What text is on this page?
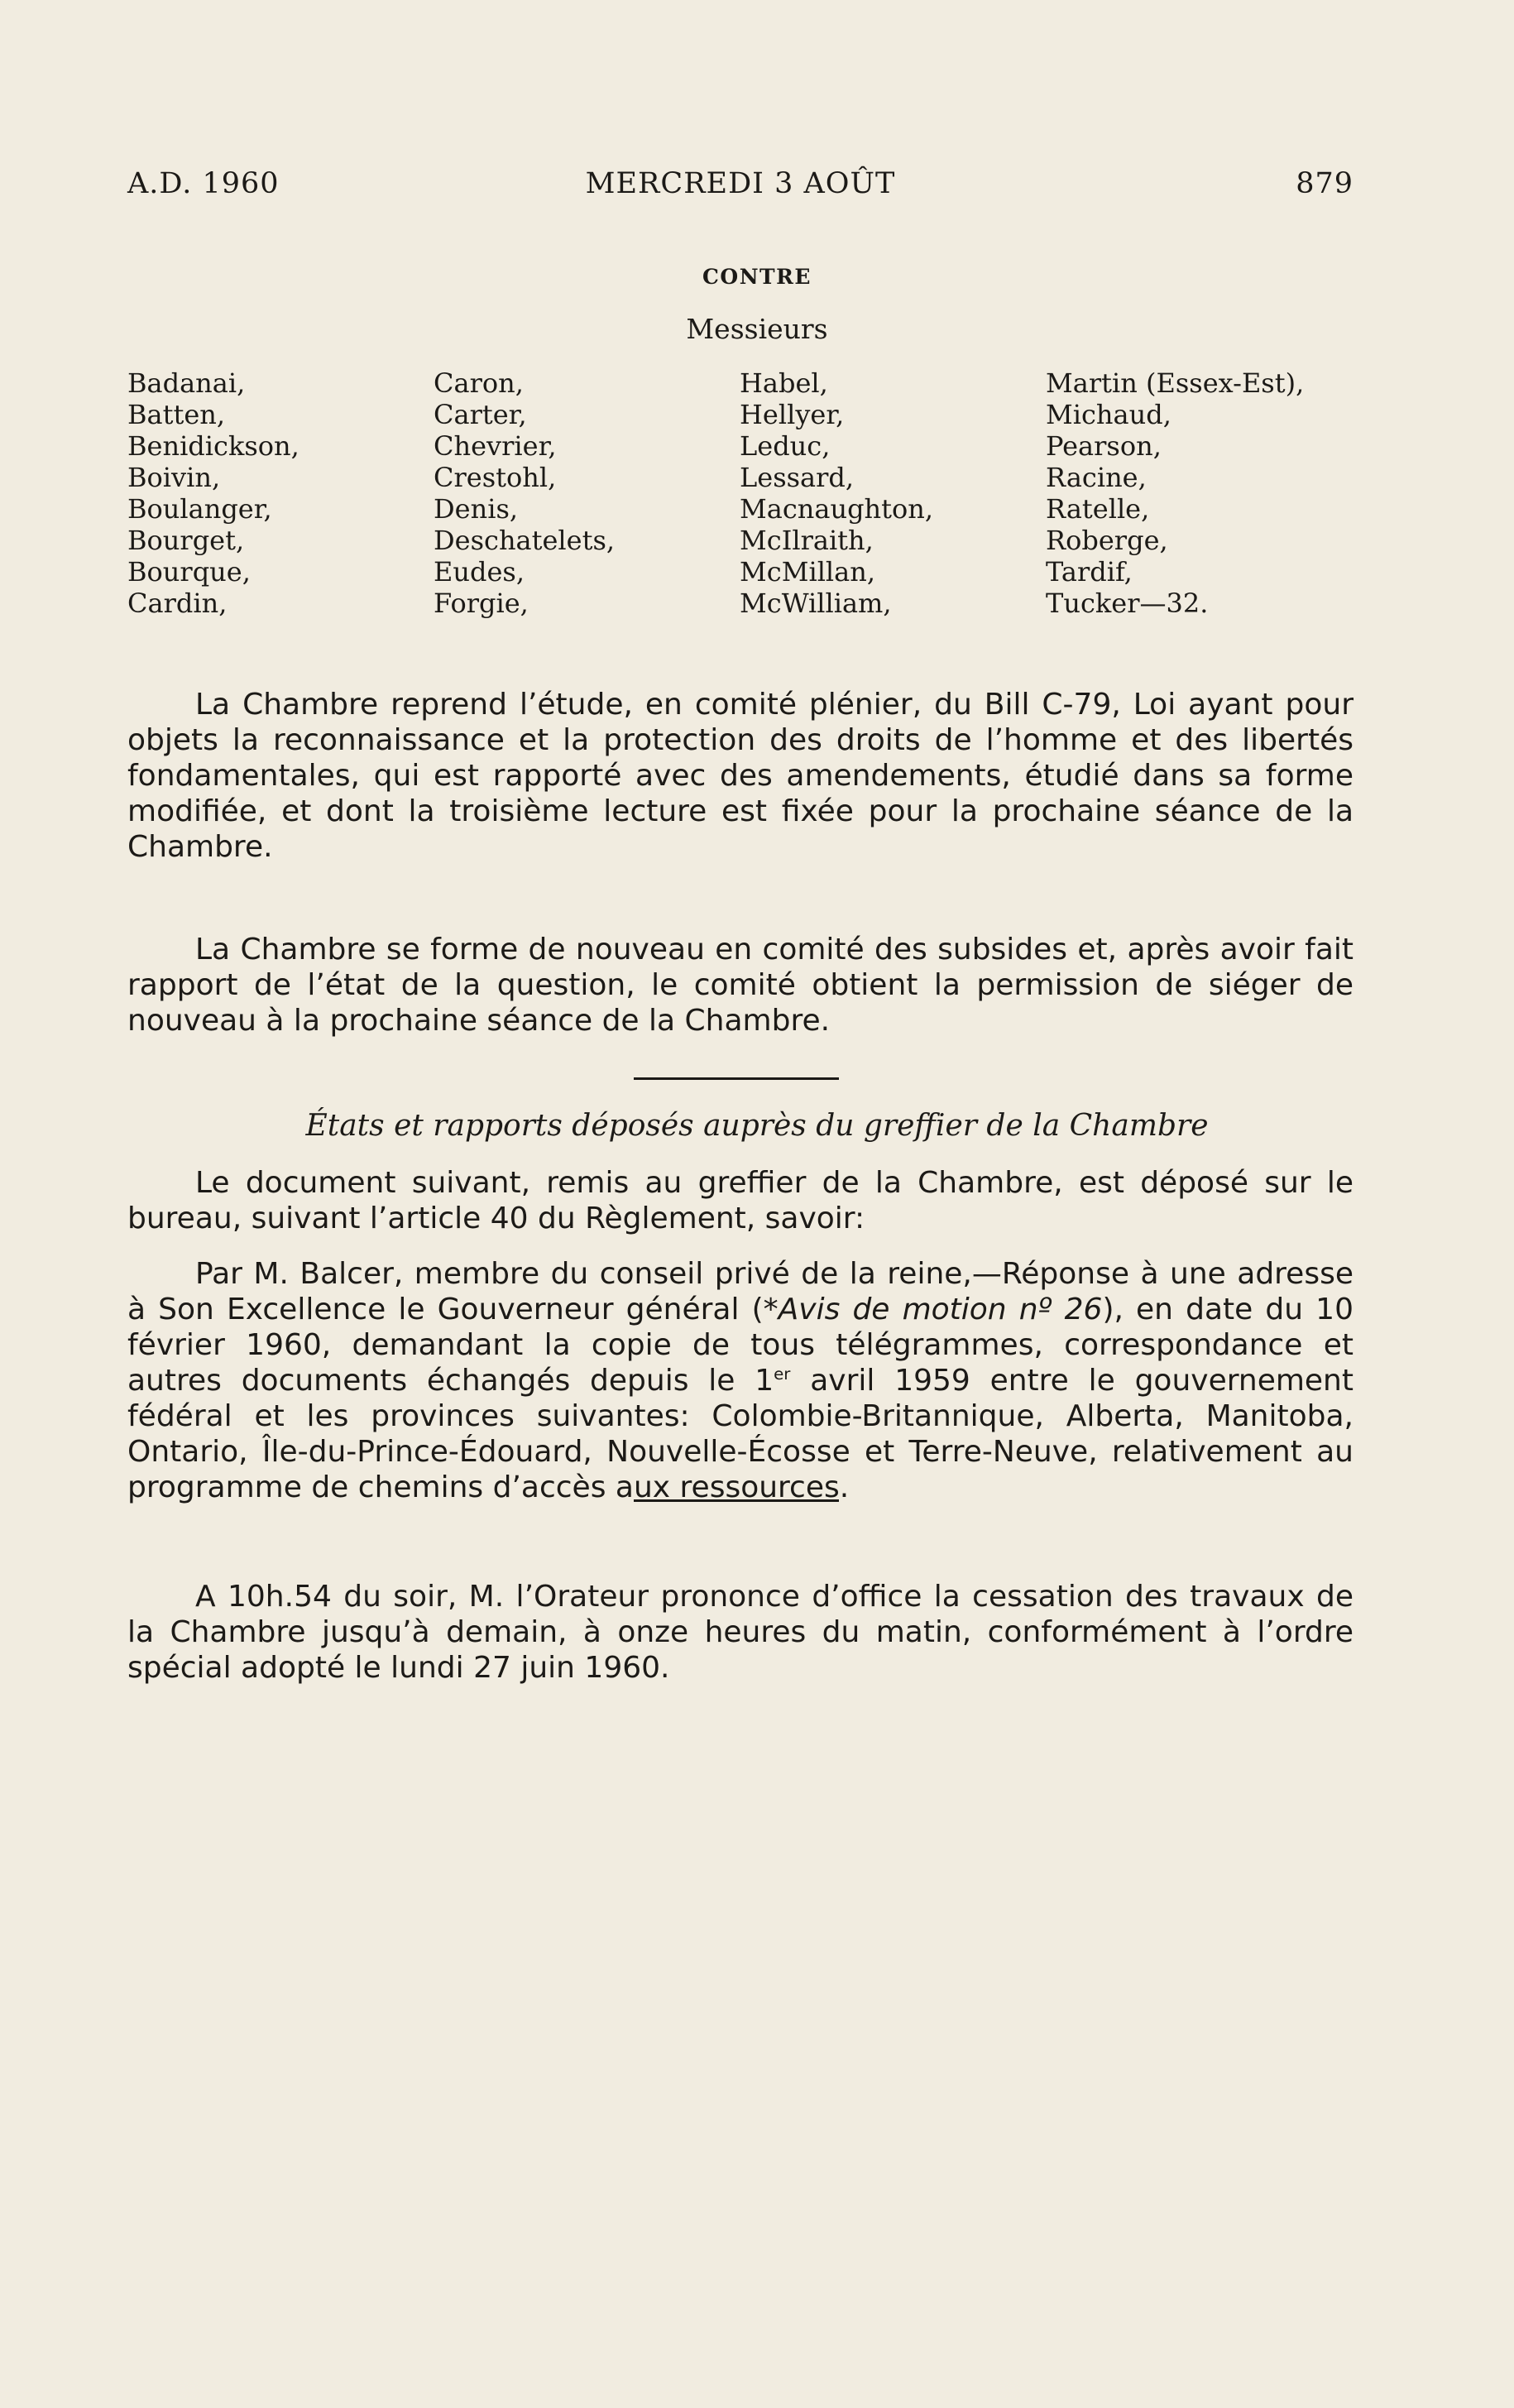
A.D. 1960	MERCREDI 3 AOÛT	879
CONTRE
Messieurs
Badanai,
Batten,
Benidickson,
Boivin,
Boulanger,
Bourget,
Bourque,
Cardin,
Caron,
Carter,
Chevrier,
Crestohl,
Denis,
Deschatelets,
Eudes,
Forgie,
Habel,
Hellyer,
Leduc,
Lessard,
Macnaughton,
McIlraith,
McMillan,
McWilliam,
Martin (Essex-Est),
Michaud,
Pearson,
Racine,
Ratelle,
Roberge,
Tardif,
Tucker—32.

La Chambre reprend l’étude, en comité plénier, du Bill C-79, Loi ayant pour objets la reconnaissance et la protection des droits de l’homme et des libertés fondamentales, qui est rapporté avec des amendements, étudié dans sa forme modifiée, et dont la troisième lecture est fixée pour la prochaine séance de la Chambre.

La Chambre se forme de nouveau en comité des subsides et, après avoir fait rapport de l’état de la question, le comité obtient la permission de siéger de nouveau à la prochaine séance de la Chambre.

États et rapports déposés auprès du greffier de la Chambre

Le document suivant, remis au greffier de la Chambre, est déposé sur le bureau, suivant l’article 40 du Règlement, savoir:

Par M. Balcer, membre du conseil privé de la reine,—Réponse à une adresse à Son Excellence le Gouverneur général (*Avis de motion nº 26), en date du 10 février 1960, demandant la copie de tous télégrammes, correspondance et autres documents échangés depuis le 1er avril 1959 entre le gouvernement fédéral et les provinces suivantes: Colombie-Britannique, Alberta, Manitoba, Ontario, Île-du-Prince-Édouard, Nouvelle-Écosse et Terre-Neuve, relativement au programme de chemins d’accès aux ressources.

A 10h.54 du soir, M. l’Orateur prononce d’office la cessation des travaux de la Chambre jusqu’à demain, à onze heures du matin, conformément à l’ordre spécial adopté le lundi 27 juin 1960.
